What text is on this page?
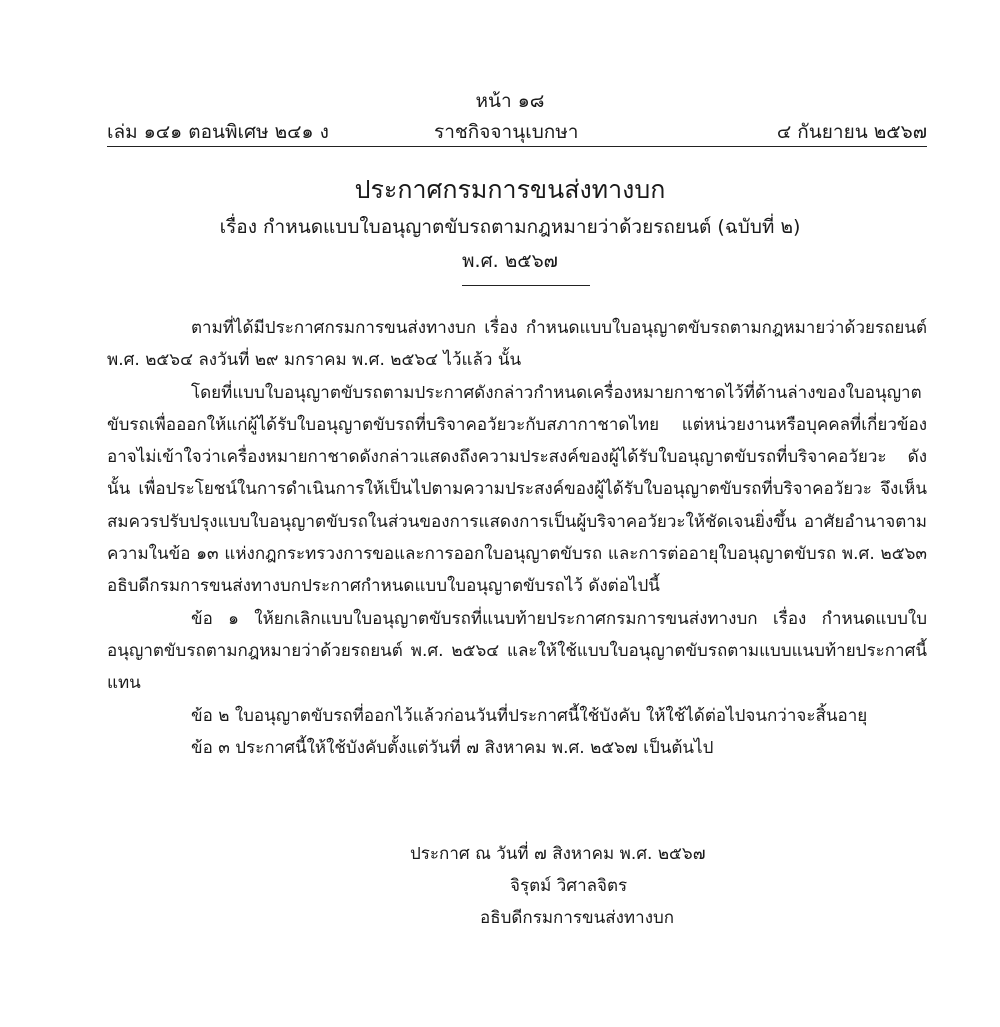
หน้า ๑๘
เล่ม ๑๔๑ ตอนพิเศษ ๒๔๑ ง	ราชกิจจานุเบกษา	๔ กันยายน ๒๕๖๗
ประกาศกรมการขนส่งทางบก
เรื่อง กำหนดแบบใบอนุญาตขับรถตามกฎหมายว่าด้วยรถยนต์ (ฉบับที่ ๒)
พ.ศ. ๒๕๖๗

ตามที่ได้มีประกาศกรมการขนส่งทางบก เรื่อง กำหนดแบบใบอนุญาตขับรถตามกฎหมายว่าด้วยรถยนต์ พ.ศ. ๒๕๖๔ ลงวันที่ ๒๙ มกราคม พ.ศ. ๒๕๖๔ ไว้แล้ว นั้น

โดยที่แบบใบอนุญาตขับรถตามประกาศดังกล่าวกำหนดเครื่องหมายกาชาดไว้ที่ด้านล่างของใบอนุญาตขับรถเพื่อออกให้แก่ผู้ได้รับใบอนุญาตขับรถที่บริจาคอวัยวะกับสภากาชาดไทย แต่หน่วยงานหรือบุคคลที่เกี่ยวข้องอาจไม่เข้าใจว่าเครื่องหมายกาชาดดังกล่าวแสดงถึงความประสงค์ของผู้ได้รับใบอนุญาตขับรถที่บริจาคอวัยวะ ดังนั้น เพื่อประโยชน์ในการดำเนินการให้เป็นไปตามความประสงค์ของผู้ได้รับใบอนุญาตขับรถที่บริจาคอวัยวะ จึงเห็นสมควรปรับปรุงแบบใบอนุญาตขับรถในส่วนของการแสดงการเป็นผู้บริจาคอวัยวะให้ชัดเจนยิ่งขึ้น อาศัยอำนาจตามความในข้อ ๑๓ แห่งกฎกระทรวงการขอและการออกใบอนุญาตขับรถ และการต่ออายุใบอนุญาตขับรถ พ.ศ. ๒๕๖๓ อธิบดีกรมการขนส่งทางบกประกาศกำหนดแบบใบอนุญาตขับรถไว้ ดังต่อไปนี้

ข้อ ๑ ให้ยกเลิกแบบใบอนุญาตขับรถที่แนบท้ายประกาศกรมการขนส่งทางบก เรื่อง กำหนดแบบใบอนุญาตขับรถตามกฎหมายว่าด้วยรถยนต์ พ.ศ. ๒๕๖๔ และให้ใช้แบบใบอนุญาตขับรถตามแบบแนบท้ายประกาศนี้แทน

ข้อ ๒ ใบอนุญาตขับรถที่ออกไว้แล้วก่อนวันที่ประกาศนี้ใช้บังคับ ให้ใช้ได้ต่อไปจนกว่าจะสิ้นอายุ

ข้อ ๓ ประกาศนี้ให้ใช้บังคับตั้งแต่วันที่ ๗ สิงหาคม พ.ศ. ๒๕๖๗ เป็นต้นไป

ประกาศ ณ วันที่ ๗ สิงหาคม พ.ศ. ๒๕๖๗
จิรุตม์ วิศาลจิตร
อธิบดีกรมการขนส่งทางบก
